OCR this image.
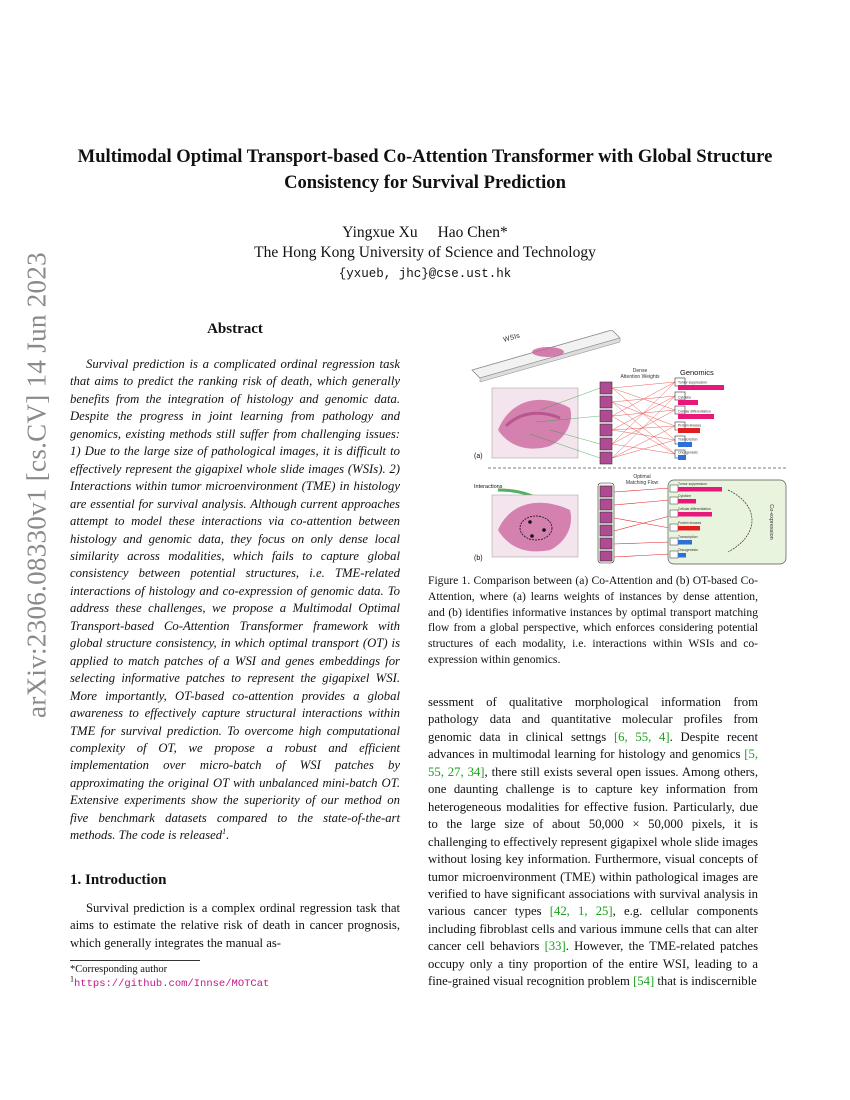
Multimodal Optimal Transport-based Co-Attention Transformer with Global Structure Consistency for Survival Prediction
Yingxue Xu Hao Chen*
The Hong Kong University of Science and Technology
{yxueb, jhc}@cse.ust.hk
arXiv:2306.08330v1 [cs.CV] 14 Jun 2023	Abstract
Survival prediction is a complicated ordinal regression task that aims to predict the ranking risk of death, which generally benefits from the integration of histology and genomic data. Despite the progress in joint learning from pathology and genomics, existing methods still suffer from challenging issues: 1) Due to the large size of pathological images, it is difficult to effectively represent the gigapixel whole slide images (WSIs). 2) Interactions within tumor microenvironment (TME) in histology are essential for survival analysis. Although current approaches attempt to model these interactions via co-attention between histology and genomic data, they focus on only dense local similarity across modalities, which fails to capture global consistency between potential structures, i.e. TME-related interactions of histology and co-expression of genomic data. To address these challenges, we propose a Multimodal Optimal Transport-based Co-Attention Transformer framework with global structure consistency, in which optimal transport (OT) is applied to match patches of a WSI and genes embeddings for selecting informative patches to represent the gigapixel WSI. More importantly, OT-based co-attention provides a global awareness to effectively capture structural interactions within TME for survival prediction. To overcome high computational complexity of OT, we propose a robust and efficient implementation over micro-batch of WSI patches by approximating the original OT with unbalanced mini-batch OT. Extensive experiments show the superiority of our method on five benchmark datasets compared to the state-of-the-art methods. The code is released$^1$.
1. Introduction
Survival prediction is a complex ordinal regression task that aims to estimate the relative risk of death in cancer prognosis, which generally integrates the manual as-
*Corresponding author
$^1$https://github.com/Innse/MOTCat
WSIs
Dense
Attention Weights	Genomics
Tumor suppression
Cytokine
Cellular differentiation
Protein kinases
Transcription
Oncogenesis
(a)
Interactions
Optimal
Matching Flow	Tumor suppression
Cytokine
Cellular differentiation
Protein kinases
Transcription
Oncogenesis
Co-expression
(b)
Figure 1. Comparison between (a) Co-Attention and (b) OT-based Co-Attention, where (a) learns weights of instances by dense attention, and (b) identifies informative instances by optimal transport matching flow from a global perspective, which enforces considering potential structures of each modality, i.e. interactions within WSIs and co-expression within genomics.
sessment of qualitative morphological information from pathology data and quantitative molecular profiles from genomic data in clinical settngs [6, 55, 4]. Despite recent advances in multimodal learning for histology and genomics [5, 55, 27, 34], there still exists several open issues. Among others, one daunting challenge is to capture key information from heterogeneous modalities for effective fusion. Particularly, due to the large size of about 50,000 × 50,000 pixels, it is challenging to effectively represent gigapixel whole slide images without losing key information. Furthermore, visual concepts of tumor microenvironment (TME) within pathological images are verified to have significant associations with survival analysis in various cancer types [42, 1, 25], e.g. cellular components including fibroblast cells and various immune cells that can alter cancer cell behaviors [33]. However, the TME-related patches occupy only a tiny proportion of the entire WSI, leading to a fine-grained visual recognition problem [54] that is indiscernible
